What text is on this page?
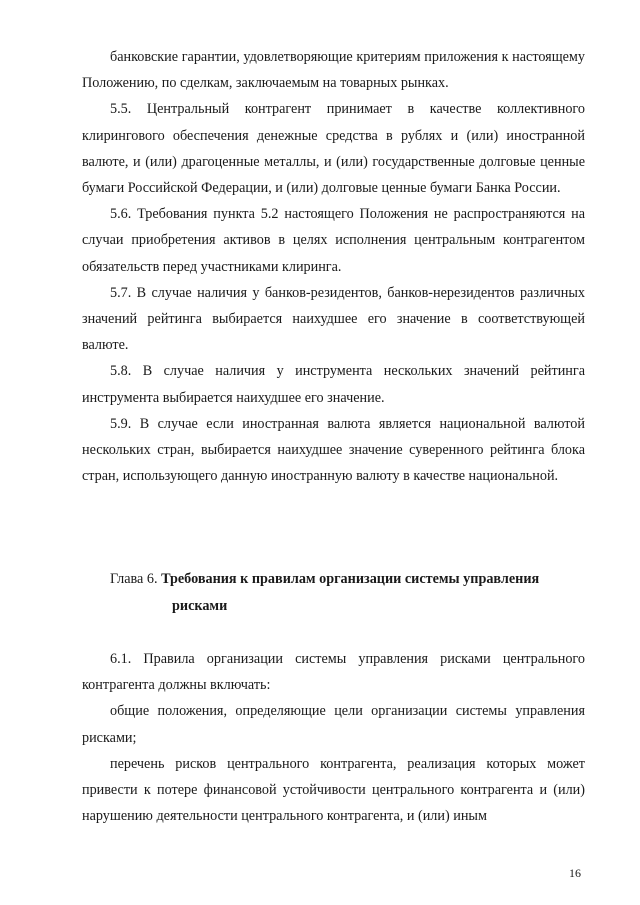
банковские гарантии, удовлетворяющие критериям приложения к настоящему Положению, по сделкам, заключаемым на товарных рынках.

5.5. Центральный контрагент принимает в качестве коллективного клирингового обеспечения денежные средства в рублях и (или) иностранной валюте, и (или) драгоценные металлы, и (или) государственные долговые ценные бумаги Российской Федерации, и (или) долговые ценные бумаги Банка России.

5.6. Требования пункта 5.2 настоящего Положения не распространяются на случаи приобретения активов в целях исполнения центральным контрагентом обязательств перед участниками клиринга.

5.7. В случае наличия у банков-резидентов, банков-нерезидентов различных значений рейтинга выбирается наихудшее его значение в соответствующей валюте.

5.8. В случае наличия у инструмента нескольких значений рейтинга инструмента выбирается наихудшее его значение.

5.9. В случае если иностранная валюта является национальной валютой нескольких стран, выбирается наихудшее значение суверенного рейтинга блока стран, использующего данную иностранную валюту в качестве национальной.

Глава 6. Требования к правилам организации системы управления
рисками

6.1. Правила организации системы управления рисками центрального контрагента должны включать:

общие положения, определяющие цели организации системы управления рисками;

перечень рисков центрального контрагента, реализация которых может привести к потере финансовой устойчивости центрального контрагента и (или) нарушению деятельности центрального контрагента, и (или) иным

16
